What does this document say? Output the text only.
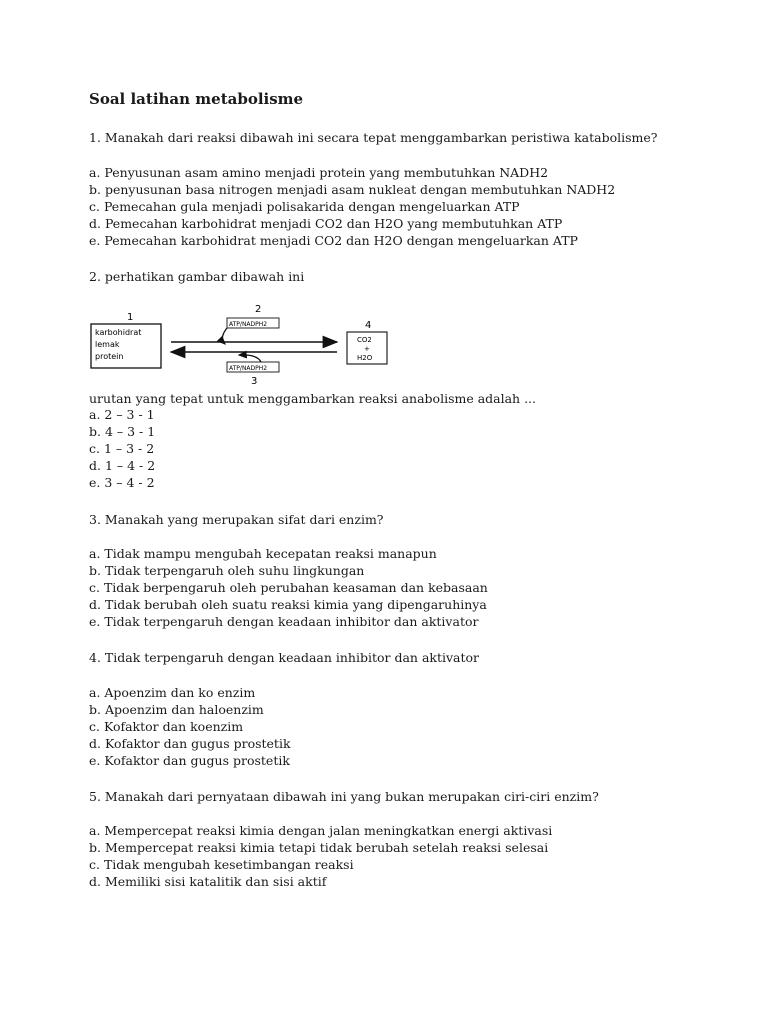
Soal latihan metabolisme

1. Manakah dari reaksi dibawah ini secara tepat menggambarkan peristiwa katabolisme?

a. Penyusunan asam amino menjadi protein yang membutuhkan NADH2

b. penyusunan basa nitrogen menjadi asam nukleat dengan membutuhkan NADH2

c. Pemecahan gula menjadi polisakarida dengan mengeluarkan ATP

d. Pemecahan karbohidrat menjadi CO2 dan H2O yang membutuhkan ATP

e. Pemecahan karbohidrat menjadi CO2 dan H2O dengan mengeluarkan ATP

2. perhatikan gambar dibawah ini

1
karbohidrat
lemak
protein
2
ATP/NADPH2
ATP/NADPH2
3
4
CO2
+
H2O

urutan yang tepat untuk menggambarkan reaksi anabolisme adalah ...

a. 2 – 3 - 1

b. 4 – 3 - 1

c. 1 – 3 - 2

d. 1 – 4 - 2

e. 3 – 4 - 2

3. Manakah yang merupakan sifat dari enzim?

a. Tidak mampu mengubah kecepatan reaksi manapun

b. Tidak terpengaruh oleh suhu lingkungan

c. Tidak berpengaruh oleh perubahan keasaman dan kebasaan

d. Tidak berubah oleh suatu reaksi kimia yang dipengaruhinya

e. Tidak terpengaruh dengan keadaan inhibitor dan aktivator

4. Tidak terpengaruh dengan keadaan inhibitor dan aktivator

a. Apoenzim dan ko enzim

b. Apoenzim dan haloenzim

c. Kofaktor dan koenzim

d. Kofaktor dan gugus prostetik

e. Kofaktor dan gugus prostetik

5. Manakah dari pernyataan dibawah ini yang bukan merupakan ciri-ciri enzim?

a. Mempercepat reaksi kimia dengan jalan meningkatkan energi aktivasi

b. Mempercepat reaksi kimia tetapi tidak berubah setelah reaksi selesai

c. Tidak mengubah kesetimbangan reaksi

d. Memiliki sisi katalitik dan sisi aktif
